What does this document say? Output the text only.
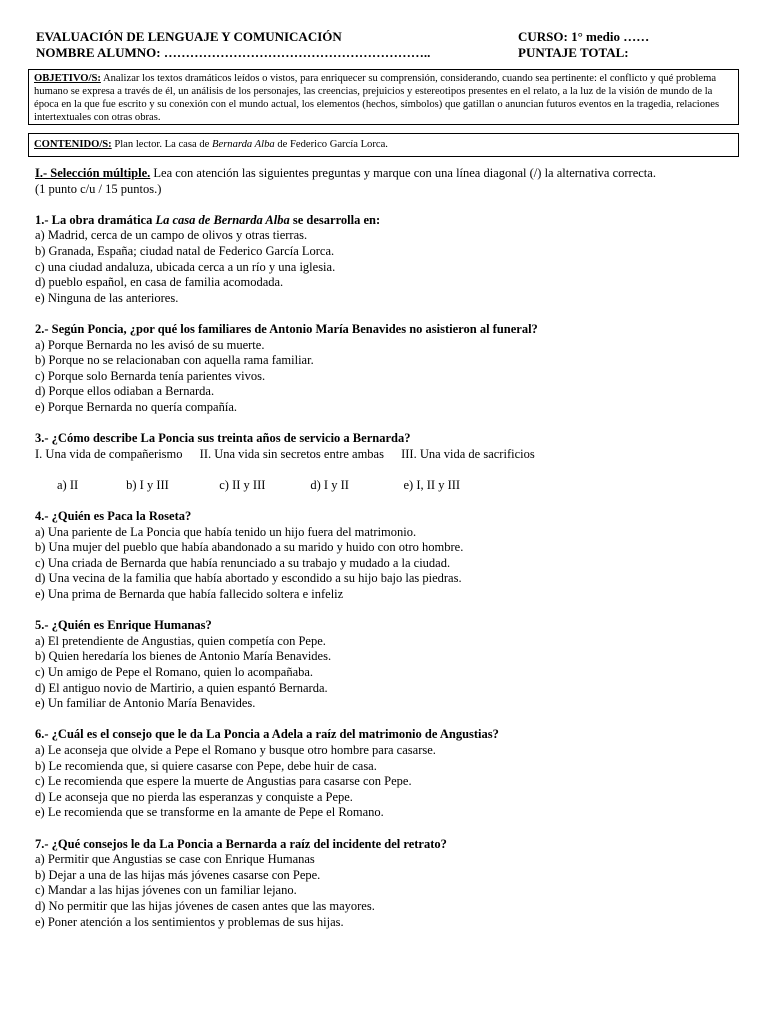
EVALUACIÓN DE LENGUAJE Y COMUNICACIÓN	CURSO: 1° medio ……
NOMBRE ALUMNO: ……………………………………………………..	PUNTAJE TOTAL:
OBJETIVO/S: Analizar los textos dramáticos leídos o vistos, para enriquecer su comprensión, considerando, cuando sea pertinente: el conflicto y qué problema humano se expresa a través de él, un análisis de los personajes, las creencias, prejuicios y estereotipos presentes en el relato, a la luz de la visión de mundo de la época en la que fue escrito y su conexión con el mundo actual, los elementos (hechos, símbolos) que gatillan o anuncian futuros eventos en la tragedia, relaciones intertextuales con otras obras.
CONTENIDO/S: Plan lector. La casa de Bernarda Alba de Federico García Lorca.

I.- Selección múltiple. Lea con atención las siguientes preguntas y marque con una línea diagonal (/) la alternativa correcta.

(1 punto c/u / 15 puntos.)

1.- La obra dramática La casa de Bernarda Alba se desarrolla en:

a) Madrid, cerca de un campo de olivos y otras tierras.

b) Granada, España; ciudad natal de Federico García Lorca.

c) una ciudad andaluza, ubicada cerca a un río y una iglesia.

d) pueblo español, en casa de familia acomodada.

e) Ninguna de las anteriores.

2.- Según Poncia, ¿por qué los familiares de Antonio María Benavides no asistieron al funeral?

a) Porque Bernarda no les avisó de su muerte.

b) Porque no se relacionaban con aquella rama familiar.

c) Porque solo Bernarda tenía parientes vivos.

d) Porque ellos odiaban a Bernarda.

e) Porque Bernarda no quería compañía.

3.- ¿Cómo describe La Poncia sus treinta años de servicio a Bernarda?

I. Una vida de compañerismo II. Una vida sin secretos entre ambas III. Una vida de sacrificios

a) II	b) I y III	c) II y III	d) I y II	e) I, II y III

4.- ¿Quién es Paca la Roseta?

a) Una pariente de La Poncia que había tenido un hijo fuera del matrimonio.

b) Una mujer del pueblo que había abandonado a su marido y huido con otro hombre.

c) Una criada de Bernarda que había renunciado a su trabajo y mudado a la ciudad.

d) Una vecina de la familia que había abortado y escondido a su hijo bajo las piedras.

e) Una prima de Bernarda que había fallecido soltera e infeliz

5.- ¿Quién es Enrique Humanas?

a) El pretendiente de Angustias, quien competía con Pepe.

b) Quien heredaría los bienes de Antonio María Benavides.

c) Un amigo de Pepe el Romano, quien lo acompañaba.

d) El antiguo novio de Martirio, a quien espantó Bernarda.

e) Un familiar de Antonio María Benavides.

6.- ¿Cuál es el consejo que le da La Poncia a Adela a raíz del matrimonio de Angustias?

a) Le aconseja que olvide a Pepe el Romano y busque otro hombre para casarse.

b) Le recomienda que, si quiere casarse con Pepe, debe huir de casa.

c) Le recomienda que espere la muerte de Angustias para casarse con Pepe.

d) Le aconseja que no pierda las esperanzas y conquiste a Pepe.

e) Le recomienda que se transforme en la amante de Pepe el Romano.

7.- ¿Qué consejos le da La Poncia a Bernarda a raíz del incidente del retrato?

a) Permitir que Angustias se case con Enrique Humanas

b) Dejar a una de las hijas más jóvenes casarse con Pepe.

c) Mandar a las hijas jóvenes con un familiar lejano.

d) No permitir que las hijas jóvenes de casen antes que las mayores.

e) Poner atención a los sentimientos y problemas de sus hijas.
